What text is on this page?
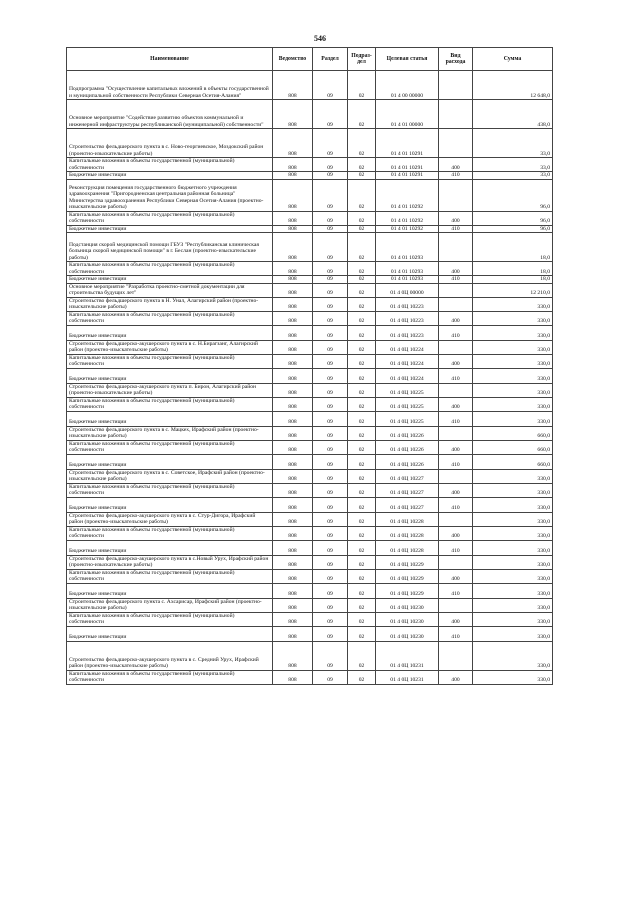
546
Наименование	Ведомство	Раздел	Подраз-
дел	Целевая статья	Вид расхода	Сумма
Подпрограмма "Осуществление капитальных вложений в объекты государственной и муниципальной собственности Республики Северная Осетия-Алания"	808	09	02	01 4 00 00000		12 648,0
Основное мероприятие "Содействие развитию объектов коммунальной и инженерной инфраструктуры республиканской (муниципальной) собственности"	808	09	02	01 4 01 00000		438,0
Строительство фельдшерского пункта в с. Ново-георгиевское, Моздокский район (проектно-изыскательские работы)	808	09	02	01 4 01 10291		33,0
Капитальные вложения в объекты государственной (муниципальной) собственности	808	09	02	01 4 01 10291	400	33,0
Бюджетные инвестиции	808	09	02	01 4 01 10291	410	33,0
Реконструкция помещения государственного бюджетного учреждения здравоохранения "Пригородненская центральная районная больница" Министерства здравоохранения Республики Северная Осетия-Алания (проектно-изыскательские работы)	808	09	02	01 4 01 10292		96,0
Капитальные вложения в объекты государственной (муниципальной) собственности	808	09	02	01 4 01 10292	400	96,0
Бюджетные инвестиции	808	09	02	01 4 01 10292	410	96,0
Подстанция скорой медицинской помощи ГБУЗ "Республиканская клиническая больница скорой медицинской помощи" в г. Беслан (проектно-изыскательские работы)	808	09	02	01 4 01 10293		18,0
Капитальные вложения в объекты государственной (муниципальной) собственности	808	09	02	01 4 01 10293	400	18,0
Бюджетные инвестиции	808	09	02	01 4 01 10293	410	18,0
Основное мероприятие "Разработка проектно-сметной документации для строительства будущих лет"	808	09	02	01 4 0Ц 00000		12 210,0
Строительство фельдшерского пункта в Н. Унал, Алагирский район (проектно-изыскательские работы)	808	09	02	01 4 0Ц 10223		330,0
Капитальные вложения в объекты государственной (муниципальной) собственности	808	09	02	01 4 0Ц 10223	400	330,0
Бюджетные инвестиции	808	09	02	01 4 0Ц 10223	410	330,0
Строительство фельдшерско-акушерского пункта в с. Н.Бирагзанг, Алагирский район (проектно-изыскательские работы)	808	09	02	01 4 0Ц 10224		330,0
Капитальные вложения в объекты государственной (муниципальной) собственности	808	09	02	01 4 0Ц 10224	400	330,0
Бюджетные инвестиции	808	09	02	01 4 0Ц 10224	410	330,0
Строительство фельдшерско-акушерского пункта п. Бирон, Алагирский район (проектно-изыскательские работы)	808	09	02	01 4 0Ц 10225		330,0
Капитальные вложения в объекты государственной (муниципальной) собственности	808	09	02	01 4 0Ц 10225	400	330,0
Бюджетные инвестиции	808	09	02	01 4 0Ц 10225	410	330,0
Строительство фельдшерского пункта в с. Мацкех, Ирафский район (проектно-изыскательские работы)	808	09	02	01 4 0Ц 10226		660,0
Капитальные вложения в объекты государственной (муниципальной) собственности	808	09	02	01 4 0Ц 10226	400	660,0
Бюджетные инвестиции	808	09	02	01 4 0Ц 10226	410	660,0
Строительство фельдшерского пункта в с. Советское, Ирафский район (проектно-изыскательские работы)	808	09	02	01 4 0Ц 10227		330,0
Капитальные вложения в объекты государственной (муниципальной) собственности	808	09	02	01 4 0Ц 10227	400	330,0
Бюджетные инвестиции	808	09	02	01 4 0Ц 10227	410	330,0
Строительство фельдшерско-акушерского пункта в с. Стур-Дигора, Ирафский район (проектно-изыскательские работы)	808	09	02	01 4 0Ц 10228		330,0
Капитальные вложения в объекты государственной (муниципальной) собственности	808	09	02	01 4 0Ц 10228	400	330,0
Бюджетные инвестиции	808	09	02	01 4 0Ц 10228	410	330,0
Строительство фельдшерско-акушерского пункта в с.Новый Урух, Ирафский район (проектно-изыскательские работы)	808	09	02	01 4 0Ц 10229		330,0
Капитальные вложения в объекты государственной (муниципальной) собственности	808	09	02	01 4 0Ц 10229	400	330,0
Бюджетные инвестиции	808	09	02	01 4 0Ц 10229	410	330,0
Строительство фельдшерского пункта с. Ахсарисар, Ирафский район (проектно-изыскательские работы)	808	09	02	01 4 0Ц 10230		330,0
Капитальные вложения в объекты государственной (муниципальной) собственности	808	09	02	01 4 0Ц 10230	400	330,0
Бюджетные инвестиции	808	09	02	01 4 0Ц 10230	410	330,0
Строительство фельдшерско-акушерского пункта в с. Средний Урух, Ирафский район (проектно-изыскательские работы)	808	09	02	01 4 0Ц 10231		330,0
Капитальные вложения в объекты государственной (муниципальной) собственности	808	09	02	01 4 0Ц 10231	400	330,0
